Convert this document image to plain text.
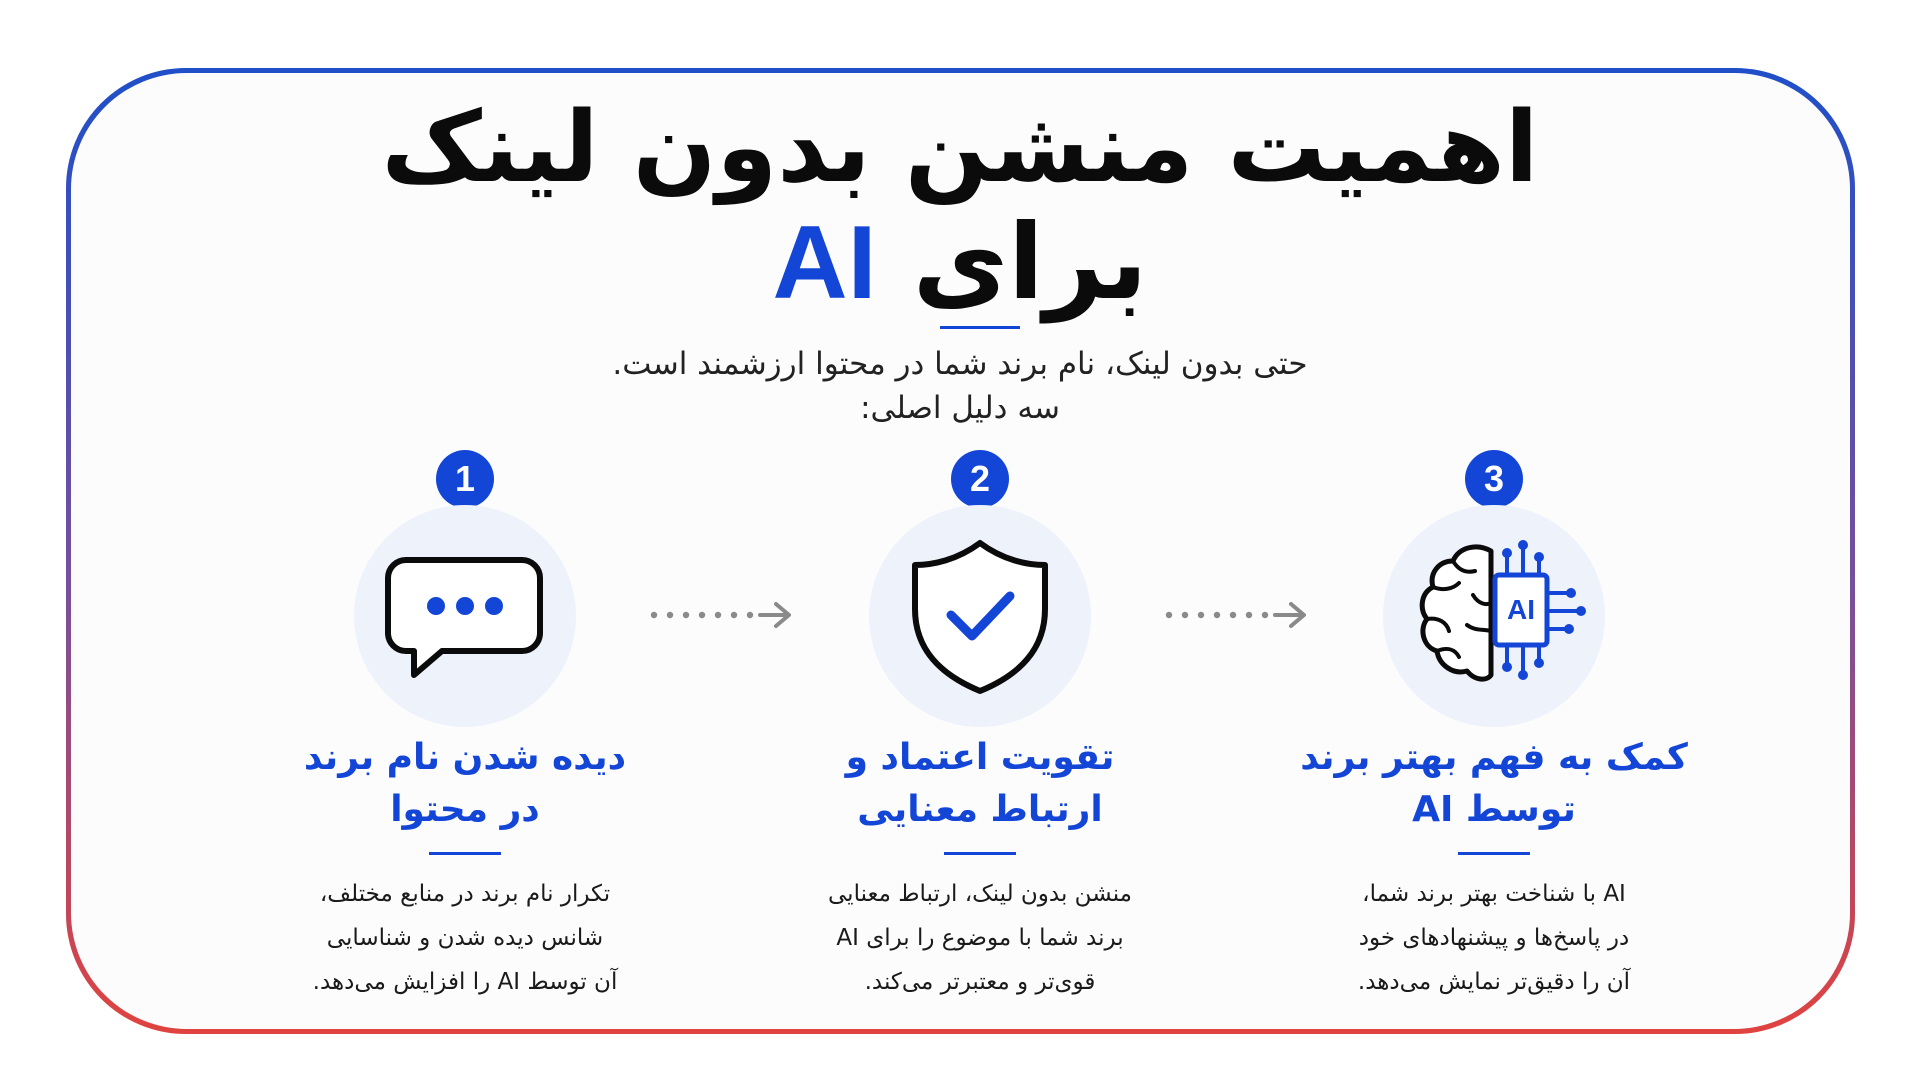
اهمیت منشن بدون لینک
برای AI
حتی بدون لینک، نام برند شما در محتوا ارزشمند است.
سه دلیل اصلی:
1
دیده شدن نام برند
در محتوا
تکرار نام برند در منابع مختلف،
شانس دیده شدن و شناسایی
آن توسط AI را افزایش می‌دهد.
2
تقویت اعتماد و
ارتباط معنایی
منشن بدون لینک، ارتباط معنایی
برند شما با موضوع را برای AI
قوی‌تر و معتبرتر می‌کند.
3
AI
کمک به فهم بهتر برند
توسط AI
AI با شناخت بهتر برند شما،
در پاسخ‌ها و پیشنهادهای خود
آن را دقیق‌تر نمایش می‌دهد.
